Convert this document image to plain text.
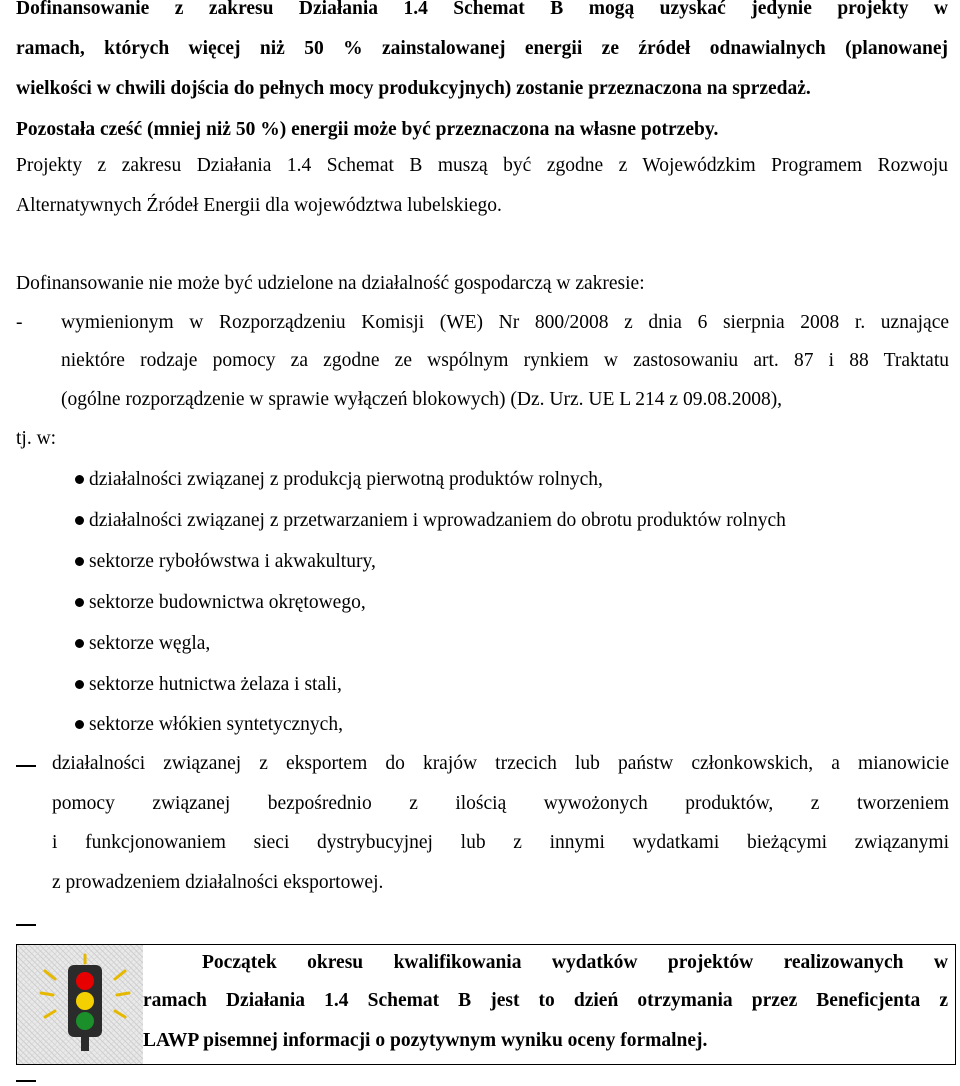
Dofinansowanie z zakresu Działania 1.4 Schemat B mogą uzyskać jedynie projekty w
ramach, których więcej niż 50 % zainstalowanej energii ze źródeł odnawialnych (planowanej
wielkości w chwili dojścia do pełnych mocy produkcyjnych) zostanie przeznaczona na sprzedaż.
Pozostała cześć (mniej niż 50 %) energii może być przeznaczona na własne potrzeby.
Projekty z zakresu Działania 1.4 Schemat B muszą być zgodne z Wojewódzkim Programem Rozwoju
Alternatywnych Źródeł Energii dla województwa lubelskiego.
Dofinansowanie nie może być udzielone na działalność gospodarczą w zakresie:
- wymienionym w Rozporządzeniu Komisji (WE) Nr 800/2008 z dnia 6 sierpnia 2008 r. uznające
niektóre rodzaje pomocy za zgodne ze wspólnym rynkiem w zastosowaniu art. 87 i 88 Traktatu
(ogólne rozporządzenie w sprawie wyłączeń blokowych) (Dz. Urz. UE L 214 z 09.08.2008),
tj. w:
działalności związanej z produkcją pierwotną produktów rolnych,
działalności związanej z przetwarzaniem i wprowadzaniem do obrotu produktów rolnych
sektorze rybołówstwa i akwakultury,
sektorze budownictwa okrętowego,
sektorze węgla,
sektorze hutnictwa żelaza i stali,
sektorze włókien syntetycznych,
działalności związanej z eksportem do krajów trzecich lub państw członkowskich, a mianowicie
pomocy związanej bezpośrednio z ilością wywożonych produktów, z tworzeniem
i funkcjonowaniem sieci dystrybucyjnej lub z innymi wydatkami bieżącymi związanymi
z prowadzeniem działalności eksportowej.
Początek okresu kwalifikowania wydatków projektów realizowanych w
ramach Działania 1.4 Schemat B jest to dzień otrzymania przez Beneficjenta z
LAWP pisemnej informacji o pozytywnym wyniku oceny formalnej.
